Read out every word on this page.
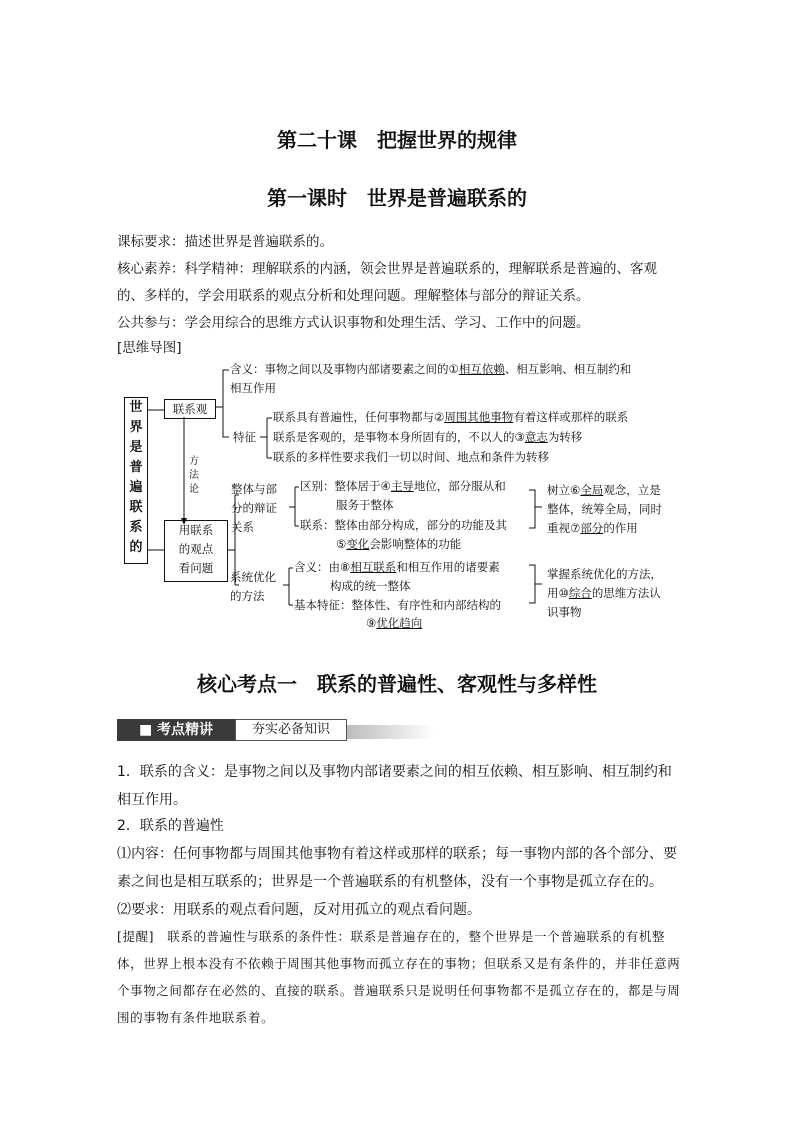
第二十课　把握世界的规律
第一课时　世界是普遍联系的
课标要求：描述世界是普遍联系的。
核心素养：科学精神：理解联系的内涵，领会世界是普遍联系的，理解联系是普遍的、客观
的、多样的，学会用联系的观点分析和处理问题。理解整体与部分的辩证关系。
公共参与：学会用综合的思维方式认识事物和处理生活、学习、工作中的问题。
[思维导图]
世
界
是
普
遍
联
系
的
联系观
用联系
的观点
看问题
方
法
论
含义：事物之间以及事物内部诸要素之间的①相互依赖、相互影响、相互制约和
相互作用
特征
联系具有普遍性，任何事物都与②周围其他事物有着这样或那样的联系
联系是客观的，是事物本身所固有的，不以人的③意志为转移
联系的多样性要求我们一切以时间、地点和条件为转移
整体与部
分的辩证
关系
区别：整体居于④主导地位，部分服从和
服务于整体
联系：整体由部分构成，部分的功能及其
⑤变化会影响整体的功能
树立⑥全局观念，立是
整体，统筹全局，同时
重视⑦部分的作用
系统优化
的方法
含义：由⑧相互联系和相互作用的诸要素
构成的统一整体
基本特征：整体性、有序性和内部结构的
⑨优化趋向
掌握系统优化的方法，
用⑩综合的思维方法认
识事物
核心考点一　联系的普遍性、客观性与多样性
■ 考点精讲	夯实必备知识
1．联系的含义：是事物之间以及事物内部诸要素之间的相互依赖、相互影响、相互制约和相互作用。
2．联系的普遍性
⑴内容：任何事物都与周围其他事物有着这样或那样的联系；每一事物内部的各个部分、要素之间也是相互联系的；世界是一个普遍联系的有机整体，没有一个事物是孤立存在的。
⑵要求：用联系的观点看问题，反对用孤立的观点看问题。
[提醒]　联系的普遍性与联系的条件性：联系是普遍存在的，整个世界是一个普遍联系的有机整体，世界上根本没有不依赖于周围其他事物而孤立存在的事物；但联系又是有条件的，并非任意两个事物之间都存在必然的、直接的联系。普遍联系只是说明任何事物都不是孤立存在的，都是与周围的事物有条件地联系着。
